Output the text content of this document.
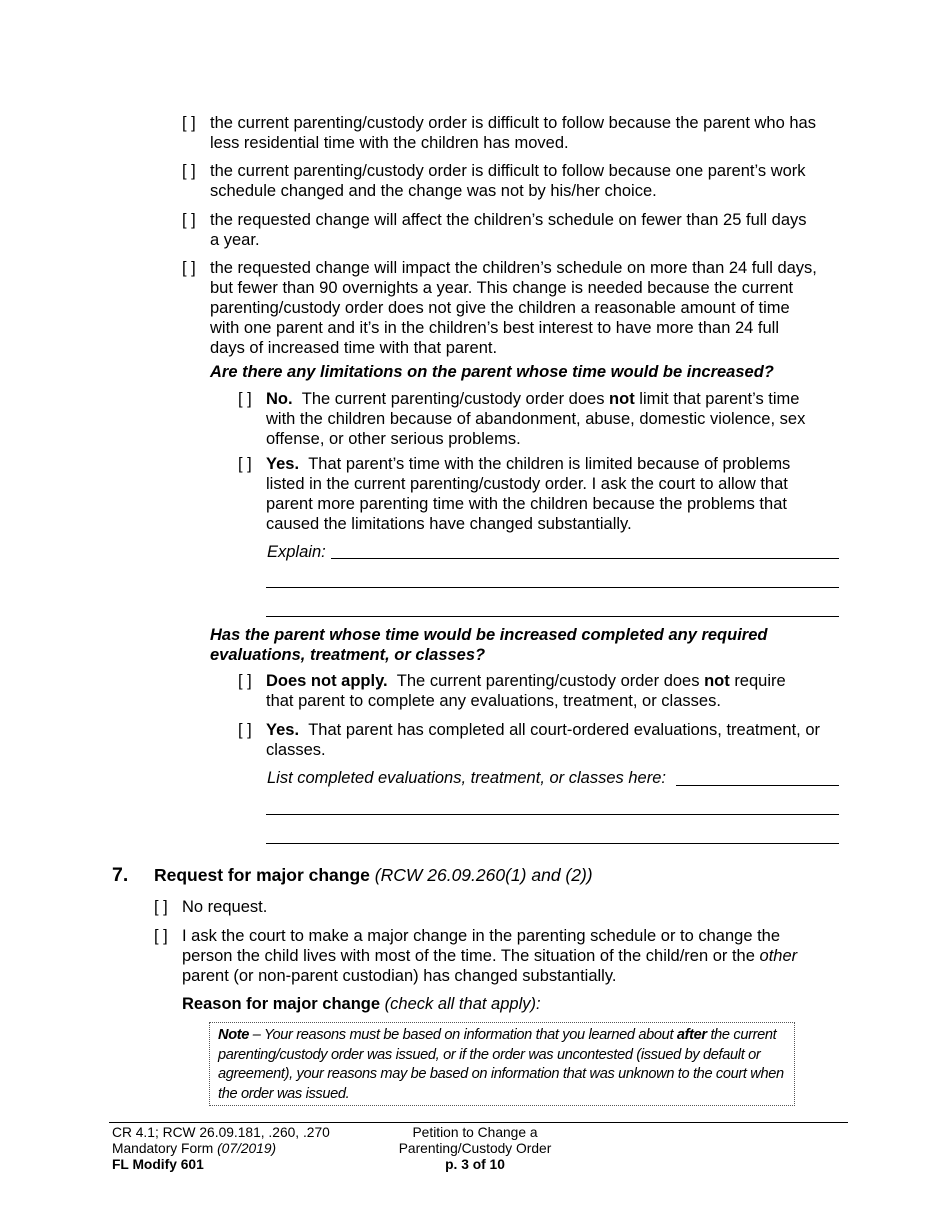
[ ] the current parenting/custody order is difficult to follow because the parent who has
less residential time with the children has moved.
[ ] the current parenting/custody order is difficult to follow because one parent’s work
schedule changed and the change was not by his/her choice.
[ ] the requested change will affect the children’s schedule on fewer than 25 full days
a year.
[ ] the requested change will impact the children’s schedule on more than 24 full days,
but fewer than 90 overnights a year. This change is needed because the current
parenting/custody order does not give the children a reasonable amount of time
with one parent and it’s in the children’s best interest to have more than 24 full
days of increased time with that parent.
Are there any limitations on the parent whose time would be increased?
[ ] No. The current parenting/custody order does not limit that parent’s time
with the children because of abandonment, abuse, domestic violence, sex
offense, or other serious problems.
[ ] Yes. That parent’s time with the children is limited because of problems
listed in the current parenting/custody order. I ask the court to allow that
parent more parenting time with the children because the problems that
caused the limitations have changed substantially.
Explain:
Has the parent whose time would be increased completed any required
evaluations, treatment, or classes?
[ ] Does not apply. The current parenting/custody order does not require
that parent to complete any evaluations, treatment, or classes.
[ ] Yes. That parent has completed all court-ordered evaluations, treatment, or
classes.
List completed evaluations, treatment, or classes here:
7. Request for major change (RCW 26.09.260(1) and (2))
[ ] No request.
[ ] I ask the court to make a major change in the parenting schedule or to change the
person the child lives with most of the time. The situation of the child/ren or the other
parent (or non-parent custodian) has changed substantially.
Reason for major change (check all that apply):
Note – Your reasons must be based on information that you learned about after the current
parenting/custody order was issued, or if the order was uncontested (issued by default or
agreement), your reasons may be based on information that was unknown to the court when
the order was issued.
CR 4.1; RCW 26.09.181, .260, .270
Mandatory Form (07/2019)
FL Modify 601
Petition to Change a
Parenting/Custody Order
p. 3 of 10
